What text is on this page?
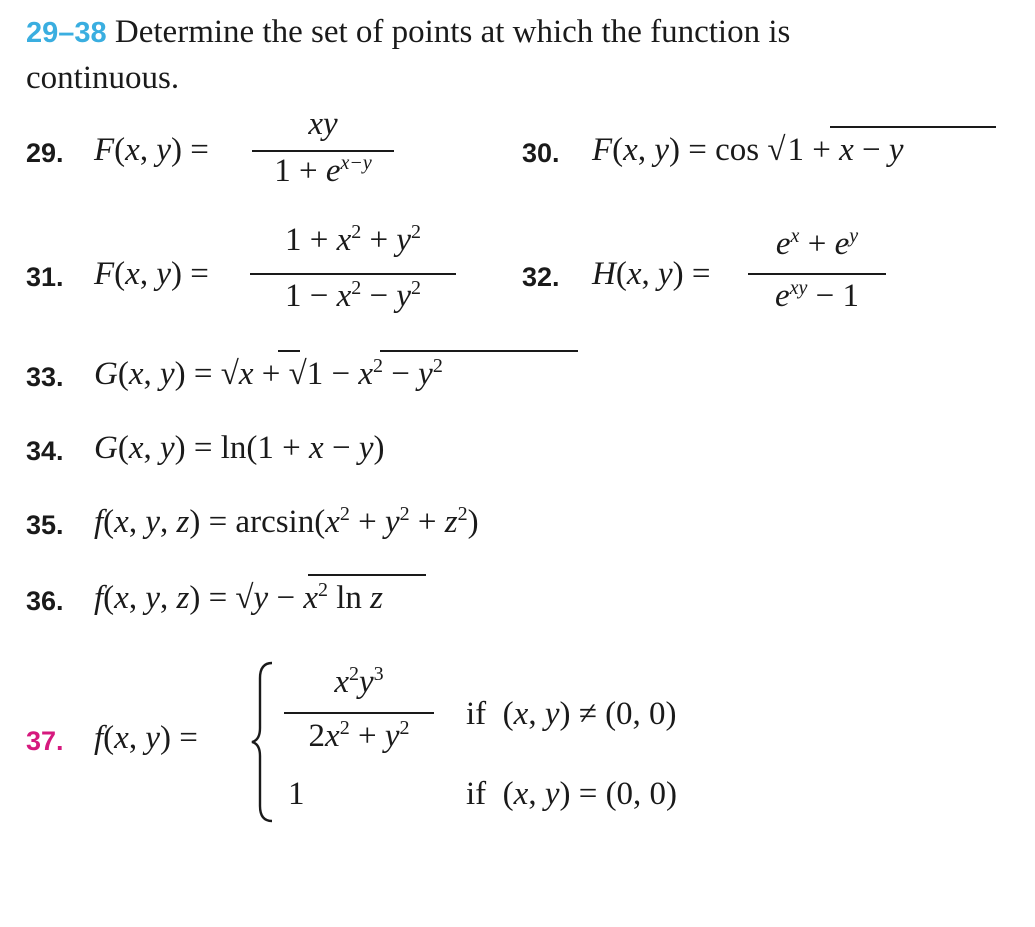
29–38 Determine the set of points at which the function is
continuous.
29. F(x, y) =
xy
$1 + e^{x-y}$	30. F(x, y) = cos √1 + x − y
31. F(x, y) =
$1 + x^2 + y^2$
$1 - x^2 - y^2$	32. H(x, y) =
$e^x + e^y$
$e^{xy} - 1$
33. G(x, $y) = √x + √1 - x^2 - y^2$
34. G(x, y) = ln(1 + x − y)
35. f(x, y, $z) = \arcsin(x^2 + y^2 + z^2)$
36. f(x, y, $z) = √y - x^2$ ln z
37. f(x, y) =
$x^2y^3$
$2x^2 + y^2$	if  (x, y) ≠ (0, 0)
1	if  (x, y) = (0, 0)
